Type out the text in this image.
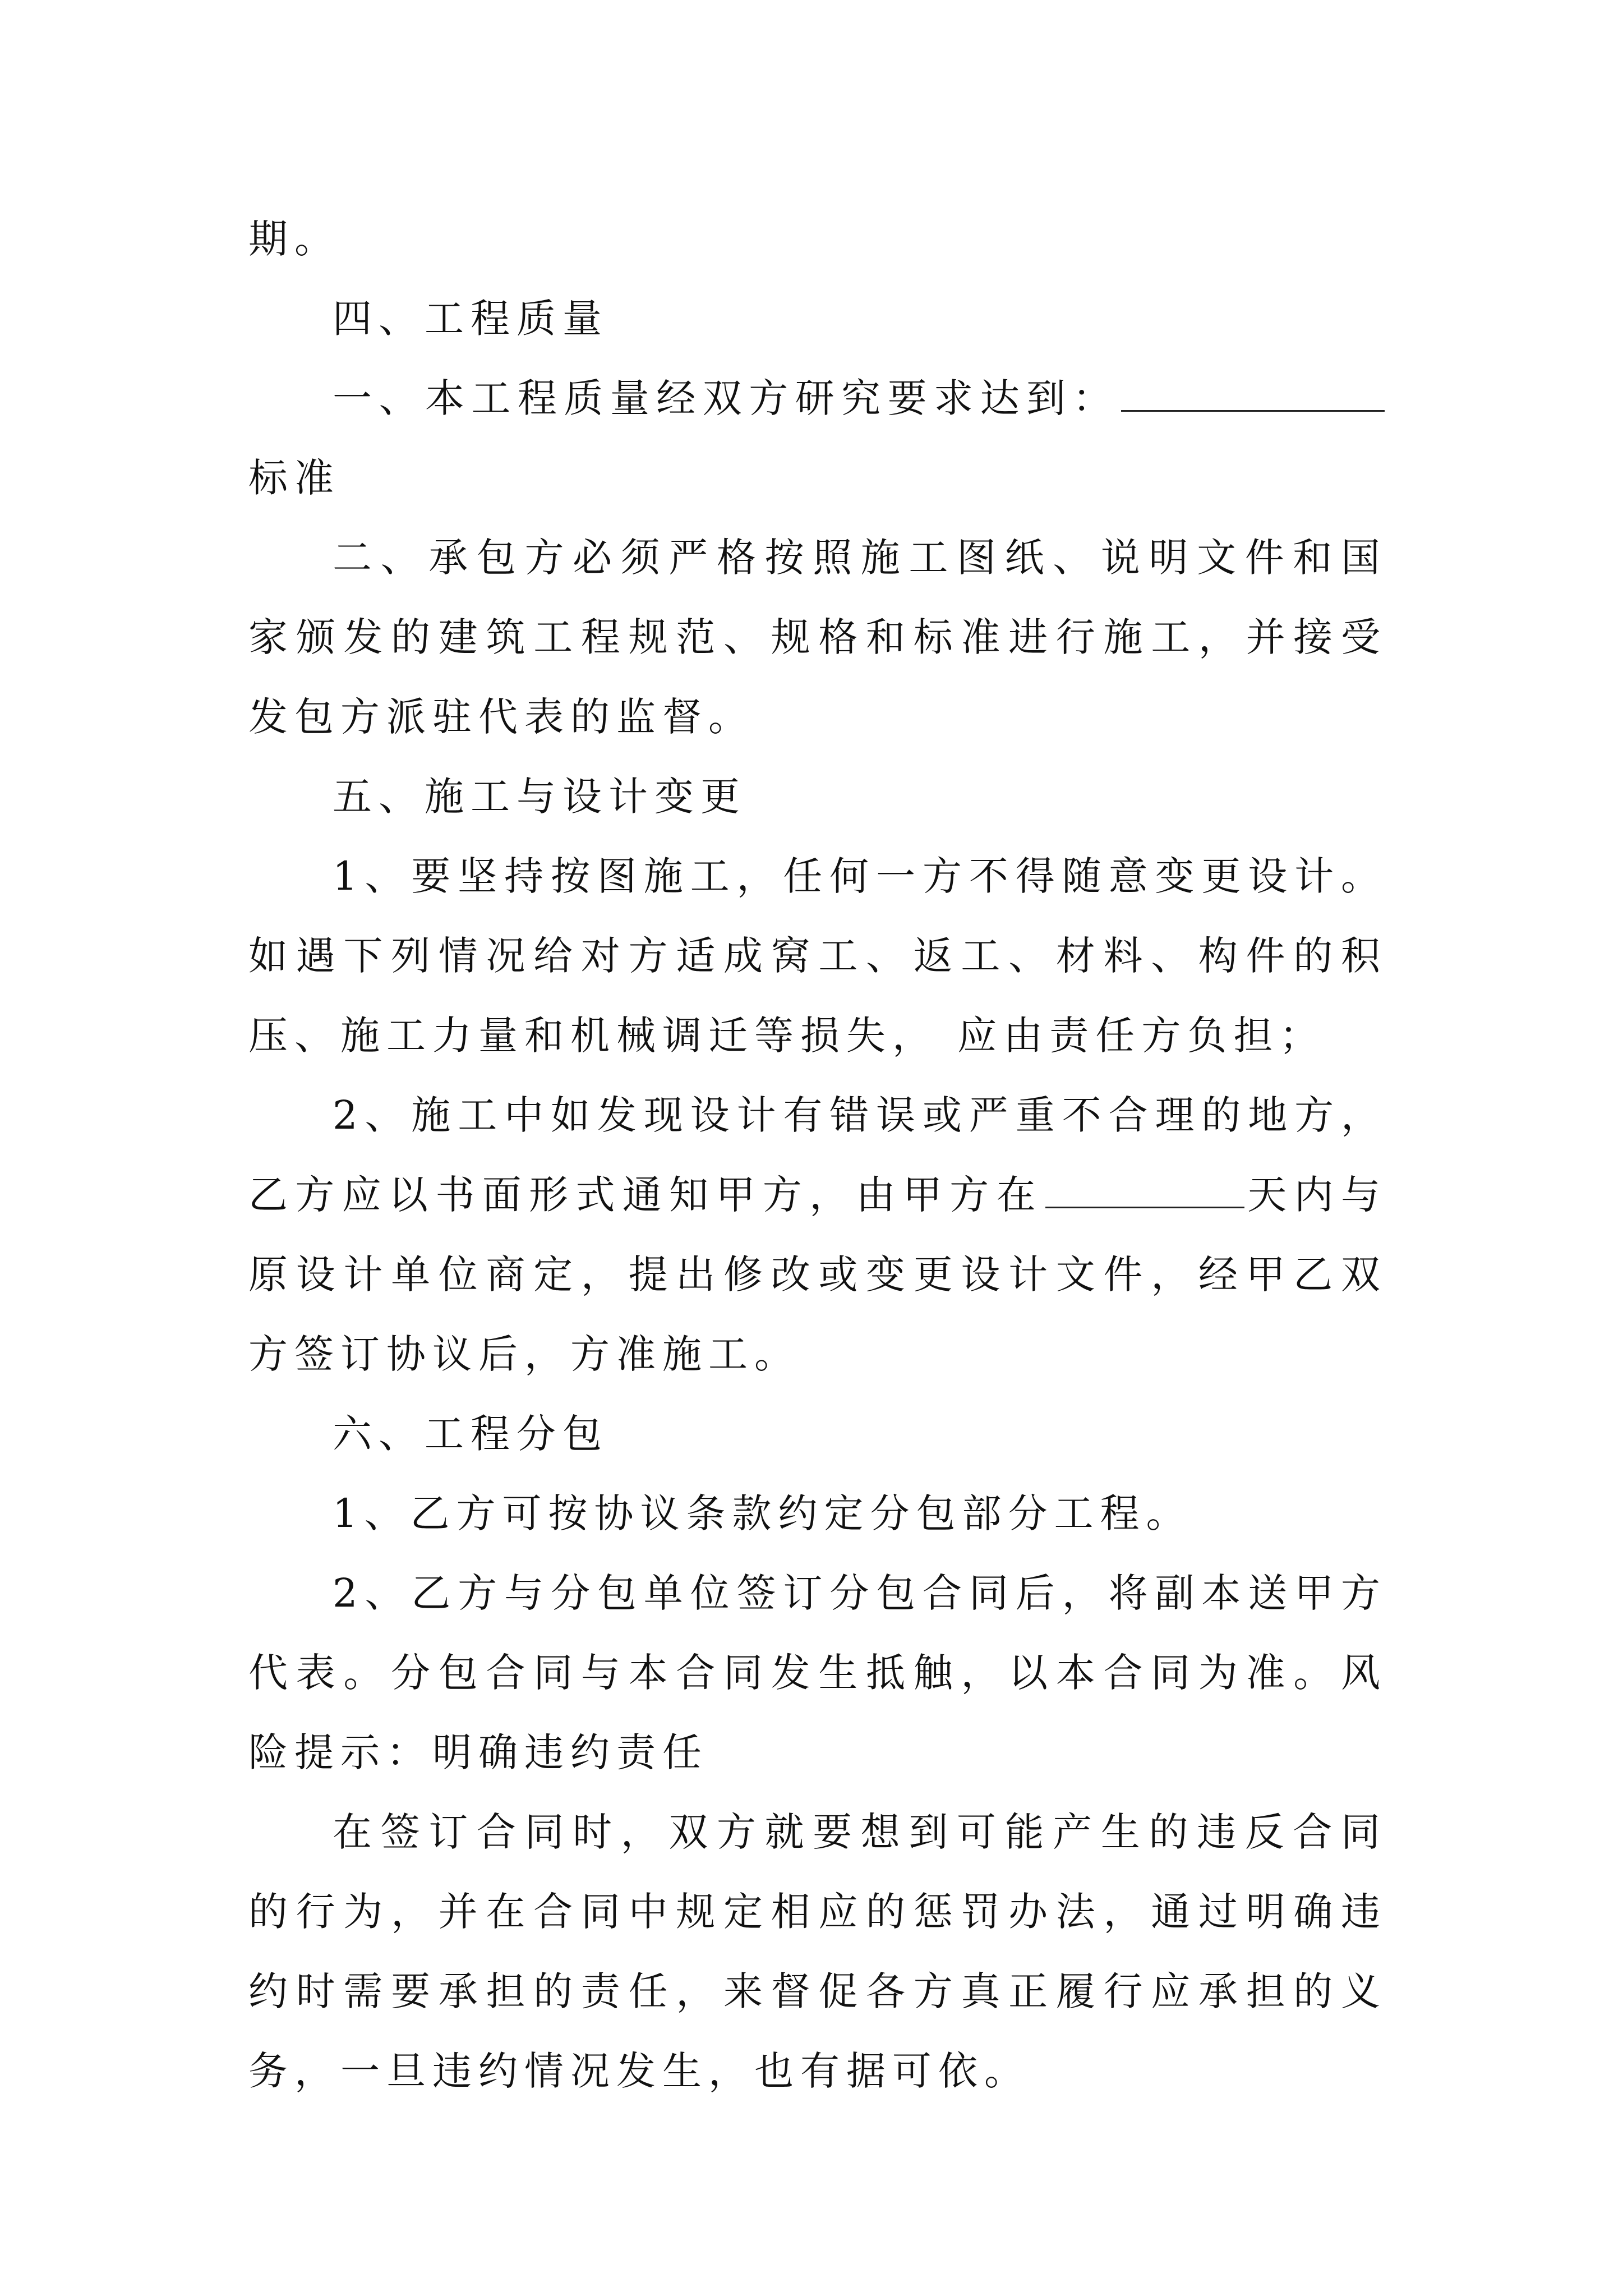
期。

四、工程质量

一、本工程质量经双方研究要求达到：标准

二、承包方必须严格按照施工图纸、说明文件和国家颁发的建筑工程规范、规格和标准进行施工，并接受发包方派驻代表的监督。

五、施工与设计变更

1、要坚持按图施工，任何一方不得随意变更设计。如遇下列情况给对方适成窝工、返工、材料、构件的积压、施工力量和机械调迁等损失， 应由责任方负担；

2、施工中如发现设计有错误或严重不合理的地方，乙方应以书面形式通知甲方，由甲方在	天内与原设计单位商定，提出修改或变更设计文件，经甲乙双方签订协议后，方准施工。

六、工程分包

1、乙方可按协议条款约定分包部分工程。

2、乙方与分包单位签订分包合同后，将副本送甲方代表。分包合同与本合同发生抵触，以本合同为准。风险提示：明确违约责任

在签订合同时，双方就要想到可能产生的违反合同的行为，并在合同中规定相应的惩罚办法，通过明确违约时需要承担的责任，来督促各方真正履行应承担的义务，一旦违约情况发生，也有据可依。
